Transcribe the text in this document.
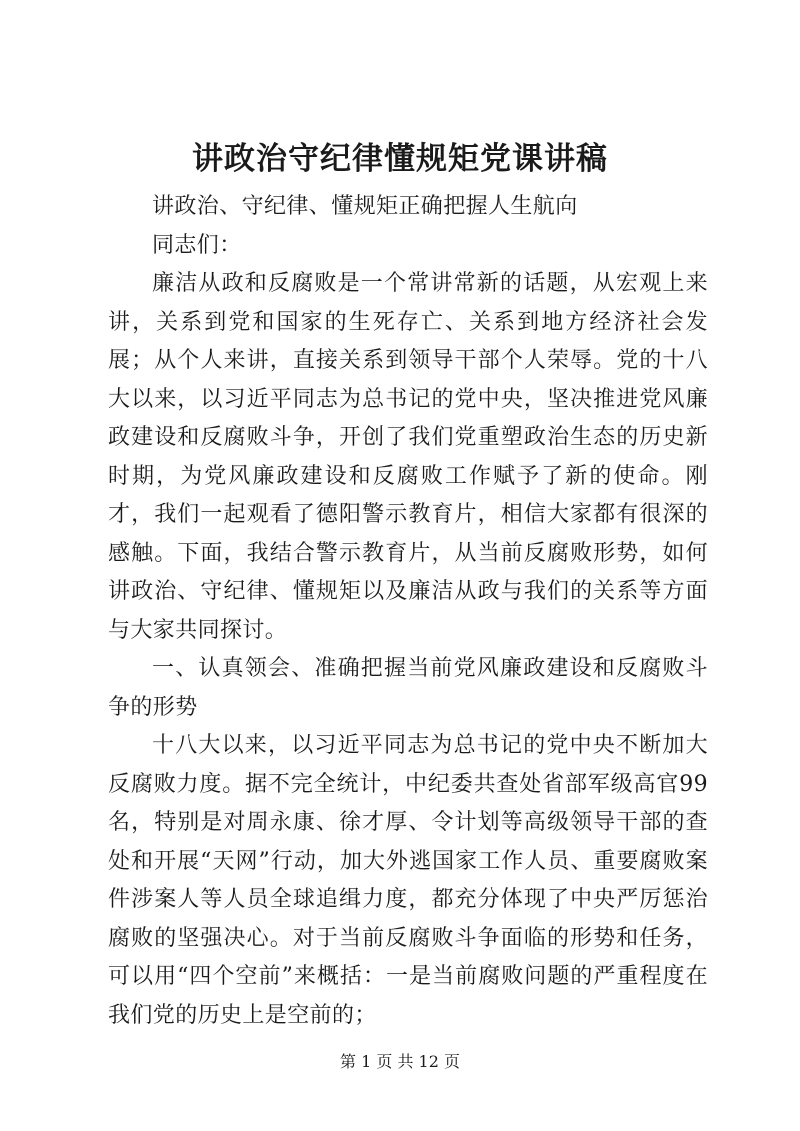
讲政治守纪律懂规矩党课讲稿

讲政治、守纪律、懂规矩正确把握人生航向

同志们：

廉洁从政和反腐败是一个常讲常新的话题，从宏观上来讲，关系到党和国家的生死存亡、关系到地方经济社会发展；从个人来讲，直接关系到领导干部个人荣辱。党的十八大以来，以习近平同志为总书记的党中央，坚决推进党风廉政建设和反腐败斗争，开创了我们党重塑政治生态的历史新时期，为党风廉政建设和反腐败工作赋予了新的使命。刚才，我们一起观看了德阳警示教育片，相信大家都有很深的感触。下面，我结合警示教育片，从当前反腐败形势，如何讲政治、守纪律、懂规矩以及廉洁从政与我们的关系等方面与大家共同探讨。

一、认真领会、准确把握当前党风廉政建设和反腐败斗争的形势

十八大以来，以习近平同志为总书记的党中央不断加大反腐败力度。据不完全统计，中纪委共查处省部军级高官99名，特别是对周永康、徐才厚、令计划等高级领导干部的查处和开展“天网”行动，加大外逃国家工作人员、重要腐败案件涉案人等人员全球追缉力度，都充分体现了中央严厉惩治腐败的坚强决心。对于当前反腐败斗争面临的形势和任务，可以用“四个空前”来概括：一是当前腐败问题的严重程度在我们党的历史上是空前的；

第 1 页 共 12 页
